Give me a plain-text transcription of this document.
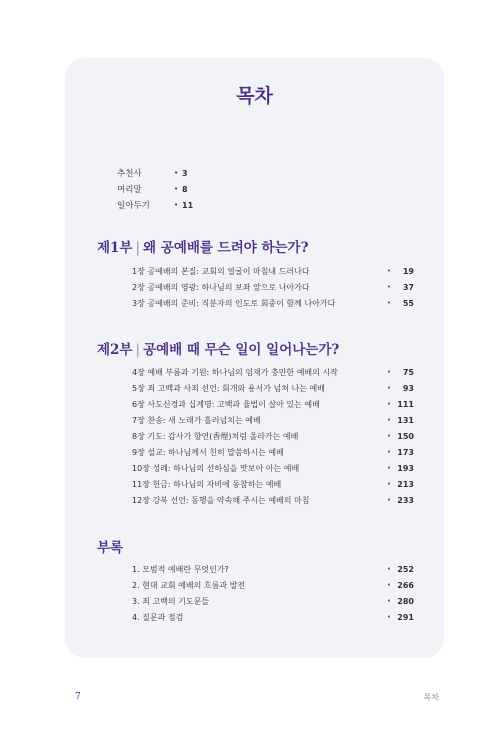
목차
추천사	• 3
머리말	• 8
일아두기	• 11
제1부 | 왜 공예배를 드려야 하는가?
1장 공예배의 본질: 교회의 얼굴이 마침내 드러나다	•	19
2장 공예배의 영광: 하나님의 보좌 앞으로 나아가다	•	37
3장 공예배의 준비: 직분자의 인도로 회중이 함께 나아가다	•	55
제2부 | 공예배 때 무슨 일이 일어나는가?
4장 예배 부름과 기원: 하나님의 임재가 충만한 예배의 시작	•	75
5장 죄 고백과 사죄 선언: 회개와 용서가 넘쳐 나는 예배	•	93
6장 사도신경과 십계명: 고백과 율법이 살아 있는 예배	• 111
7장 찬송: 새 노래가 흘러넘치는 예배	• 131
8장 기도: 감사가 향연(香煙)처럼 올라가는 예배	• 150
9장 설교: 하나님께서 친히 말씀하시는 예배	• 173
10장 성례: 하나님의 선하심을 맛보아 아는 예배	• 193
11장 헌금: 하나님의 자비에 동참하는 예배	• 213
12장 강복 선언: 동행을 약속해 주시는 예배의 마침	• 233
부록
1. 모범적 예배란 무엇인가?	• 252
2. 현대 교회 예배의 흐름과 발전	• 266
3. 죄 고백의 기도문들	• 280
4. 질문과 점검	• 291
7	목차
